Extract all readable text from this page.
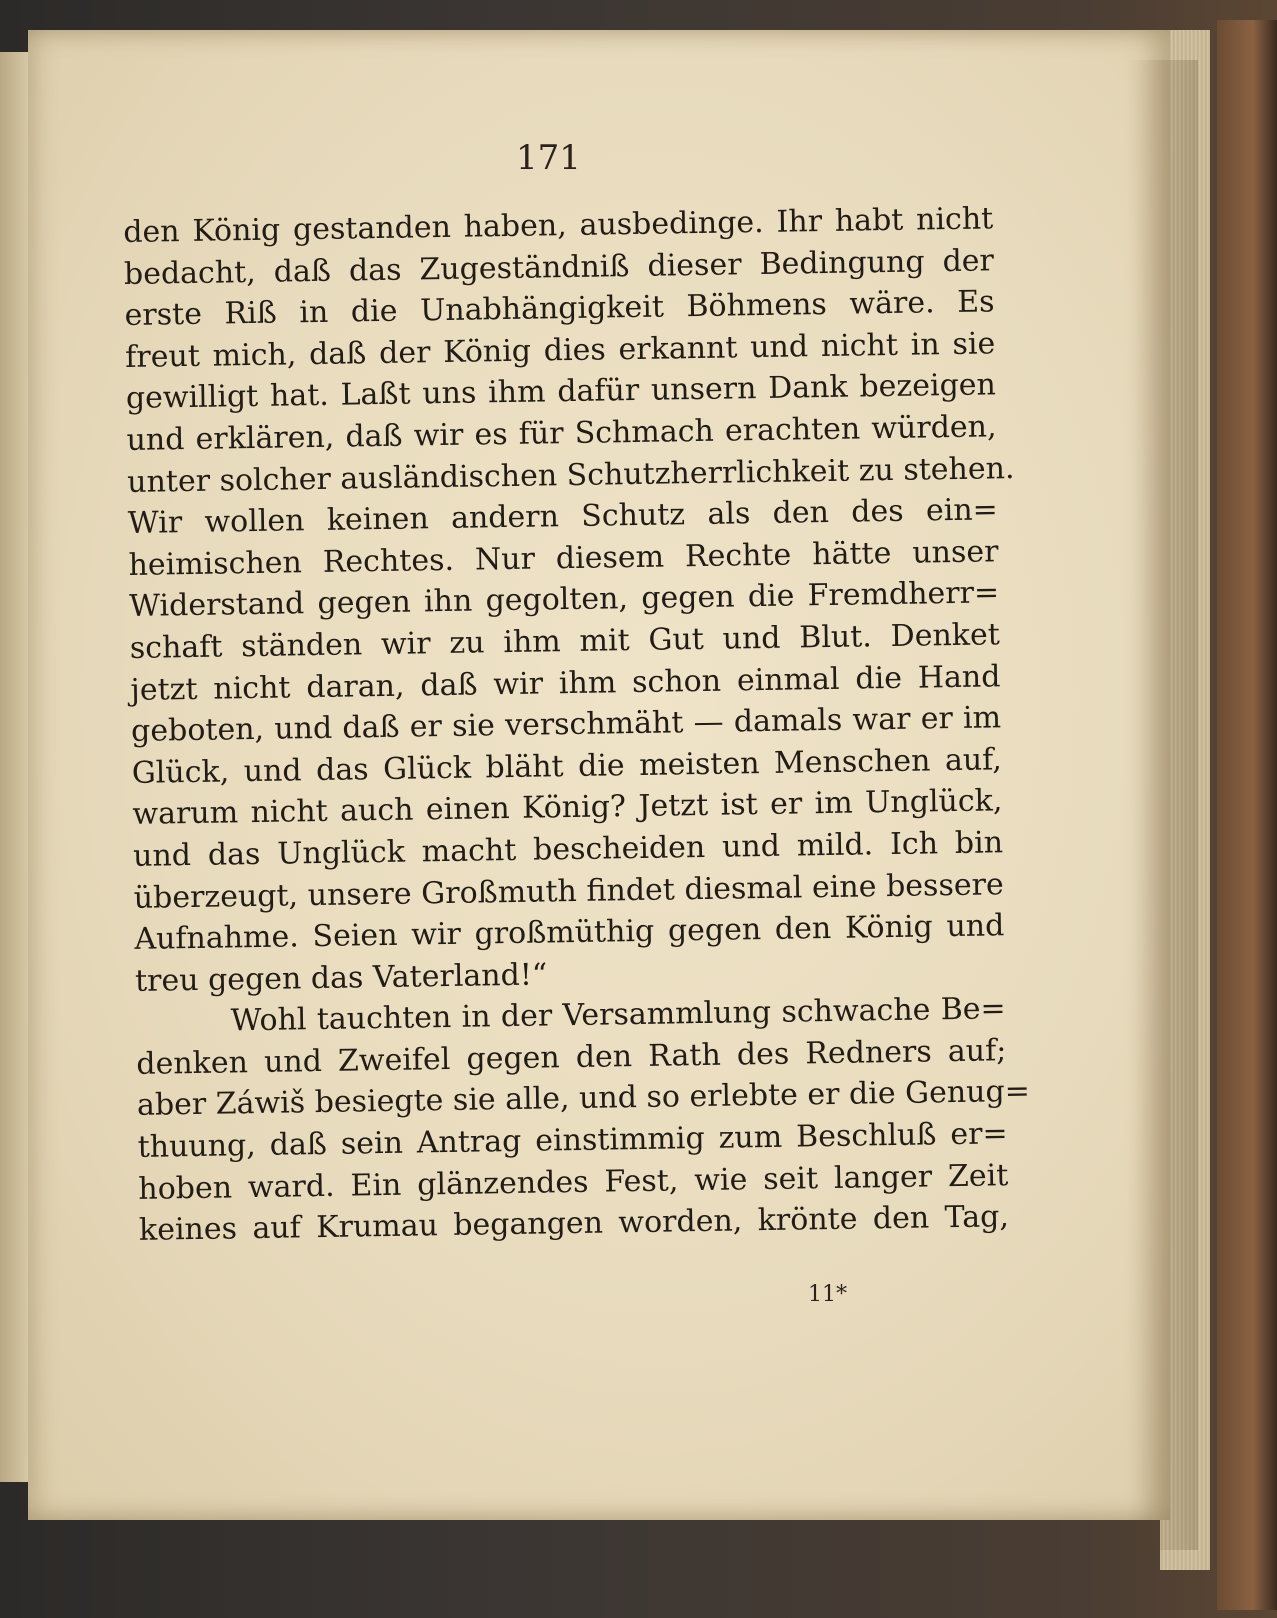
171
den König gestanden haben, ausbedinge. Ihr habt nicht
bedacht, daß das Zugeständniß dieser Bedingung der
erste Riß in die Unabhängigkeit Böhmens wäre. Es
freut mich, daß der König dies erkannt und nicht in sie
gewilligt hat. Laßt uns ihm dafür unsern Dank bezeigen
und erklären, daß wir es für Schmach erachten würden,
unter solcher ausländischen Schutzherrlichkeit zu stehen.
Wir wollen keinen andern Schutz als den des ein=
heimischen Rechtes. Nur diesem Rechte hätte unser
Widerstand gegen ihn gegolten, gegen die Fremdherr=
schaft ständen wir zu ihm mit Gut und Blut. Denket
jetzt nicht daran, daß wir ihm schon einmal die Hand
geboten, und daß er sie verschmäht — damals war er im
Glück, und das Glück bläht die meisten Menschen auf,
warum nicht auch einen König? Jetzt ist er im Unglück,
und das Unglück macht bescheiden und mild. Ich bin
überzeugt, unsere Großmuth findet diesmal eine bessere
Aufnahme. Seien wir großmüthig gegen den König und
treu gegen das Vaterland!“
Wohl tauchten in der Versammlung schwache Be=
denken und Zweifel gegen den Rath des Redners auf;
aber Záwiš besiegte sie alle, und so erlebte er die Genug=
thuung, daß sein Antrag einstimmig zum Beschluß er=
hoben ward. Ein glänzendes Fest, wie seit langer Zeit
keines auf Krumau begangen worden, krönte den Tag,
11*
